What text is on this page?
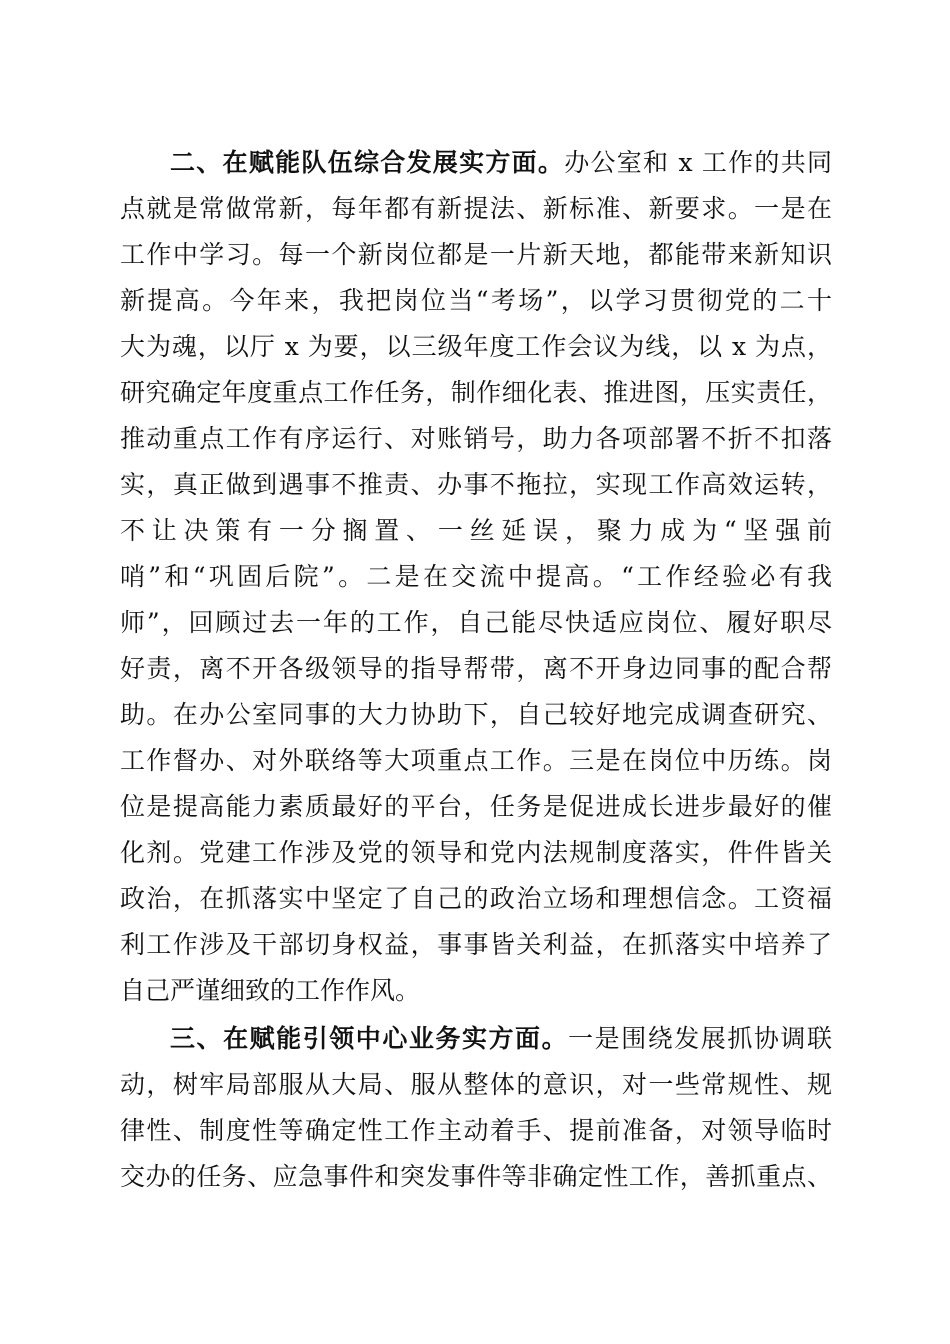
二、在赋能队伍综合发展实方面。办公室和 x 工作的共同
点就是常做常新，每年都有新提法、新标准、新要求。一是在
工作中学习。每一个新岗位都是一片新天地，都能带来新知识
新提高。今年来，我把岗位当“考场”，以学习贯彻党的二十
大为魂，以厅 x 为要，以三级年度工作会议为线，以 x 为点，
研究确定年度重点工作任务，制作细化表、推进图，压实责任，
推动重点工作有序运行、对账销号，助力各项部署不折不扣落
实，真正做到遇事不推责、办事不拖拉，实现工作高效运转，
不让决策有一分搁置、一丝延误，聚力成为“坚强前
哨”和“巩固后院”。二是在交流中提高。“工作经验必有我
师”，回顾过去一年的工作，自己能尽快适应岗位、履好职尽
好责，离不开各级领导的指导帮带，离不开身边同事的配合帮
助。在办公室同事的大力协助下，自己较好地完成调查研究、
工作督办、对外联络等大项重点工作。三是在岗位中历练。岗
位是提高能力素质最好的平台，任务是促进成长进步最好的催
化剂。党建工作涉及党的领导和党内法规制度落实，件件皆关
政治，在抓落实中坚定了自己的政治立场和理想信念。工资福
利工作涉及干部切身权益，事事皆关利益，在抓落实中培养了
自己严谨细致的工作作风。
三、在赋能引领中心业务实方面。一是围绕发展抓协调联
动，树牢局部服从大局、服从整体的意识，对一些常规性、规
律性、制度性等确定性工作主动着手、提前准备，对领导临时
交办的任务、应急事件和突发事件等非确定性工作，善抓重点、
